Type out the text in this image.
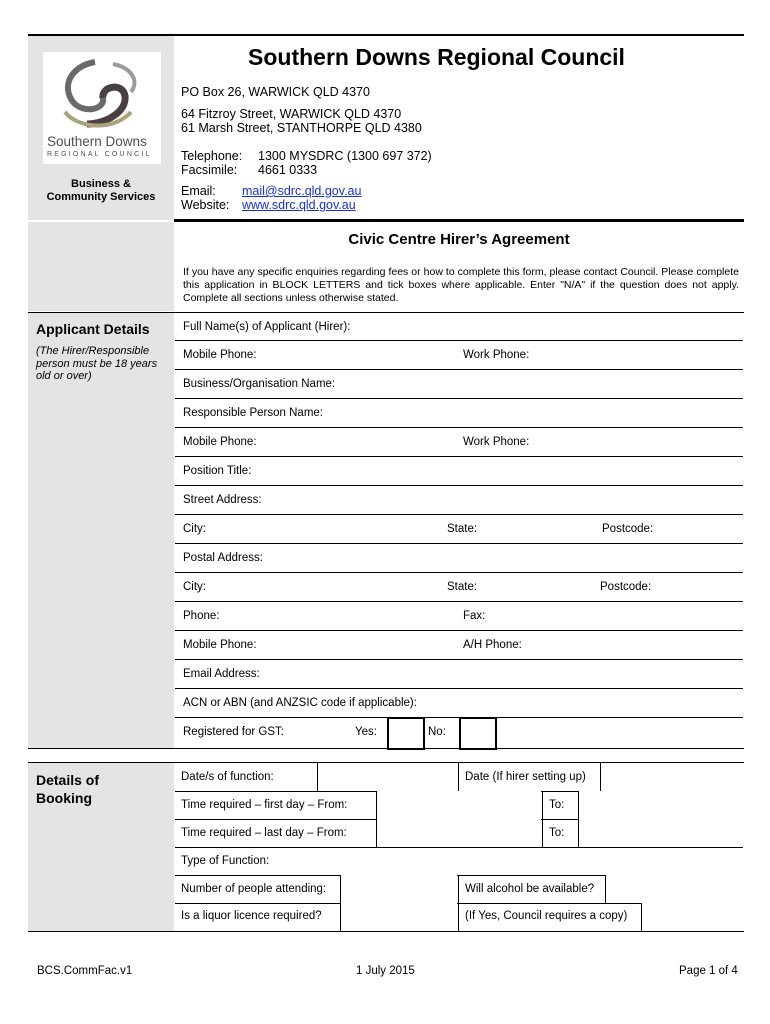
Southern Downs
REGIONAL COUNCIL
Business &
Community Services
Southern Downs Regional Council
PO Box 26, WARWICK QLD 4370
64 Fitzroy Street, WARWICK QLD 4370
61 Marsh Street, STANTHORPE QLD 4380
Telephone: 1300 MYSDRC (1300 697 372)
Facsimile: 4661 0333
Email: mail@sdrc.qld.gov.au
Website: www.sdrc.qld.gov.au
Civic Centre Hirer’s Agreement
If you have any specific enquiries regarding fees or how to complete this form, please contact Council. Please complete this application in BLOCK LETTERS and tick boxes where applicable. Enter "N/A" if the question does not apply. Complete all sections unless otherwise stated.
Applicant Details
(The Hirer/Responsible person must be 18 years old or over)
Full Name(s) of Applicant (Hirer):
Mobile Phone:	Work Phone:
Business/Organisation Name:
Responsible Person Name:
Mobile Phone:	Work Phone:
Position Title:
Street Address:
City:	State:	Postcode:
Postal Address:
City:	State:	Postcode:
Phone:	Fax:
Mobile Phone:	A/H Phone:
Email Address:
ACN or ABN (and ANZSIC code if applicable):
Registered for GST:	Yes:	No:
Details of Booking
Date/s of function:	Date (If hirer setting up)
Time required – first day – From:	To:
Time required – last day – From:	To:
Type of Function:
Number of people attending:	Will alcohol be available?
Is a liquor licence required?	(If Yes, Council requires a copy)
BCS.CommFac.v1	1 July 2015	Page 1 of 4
